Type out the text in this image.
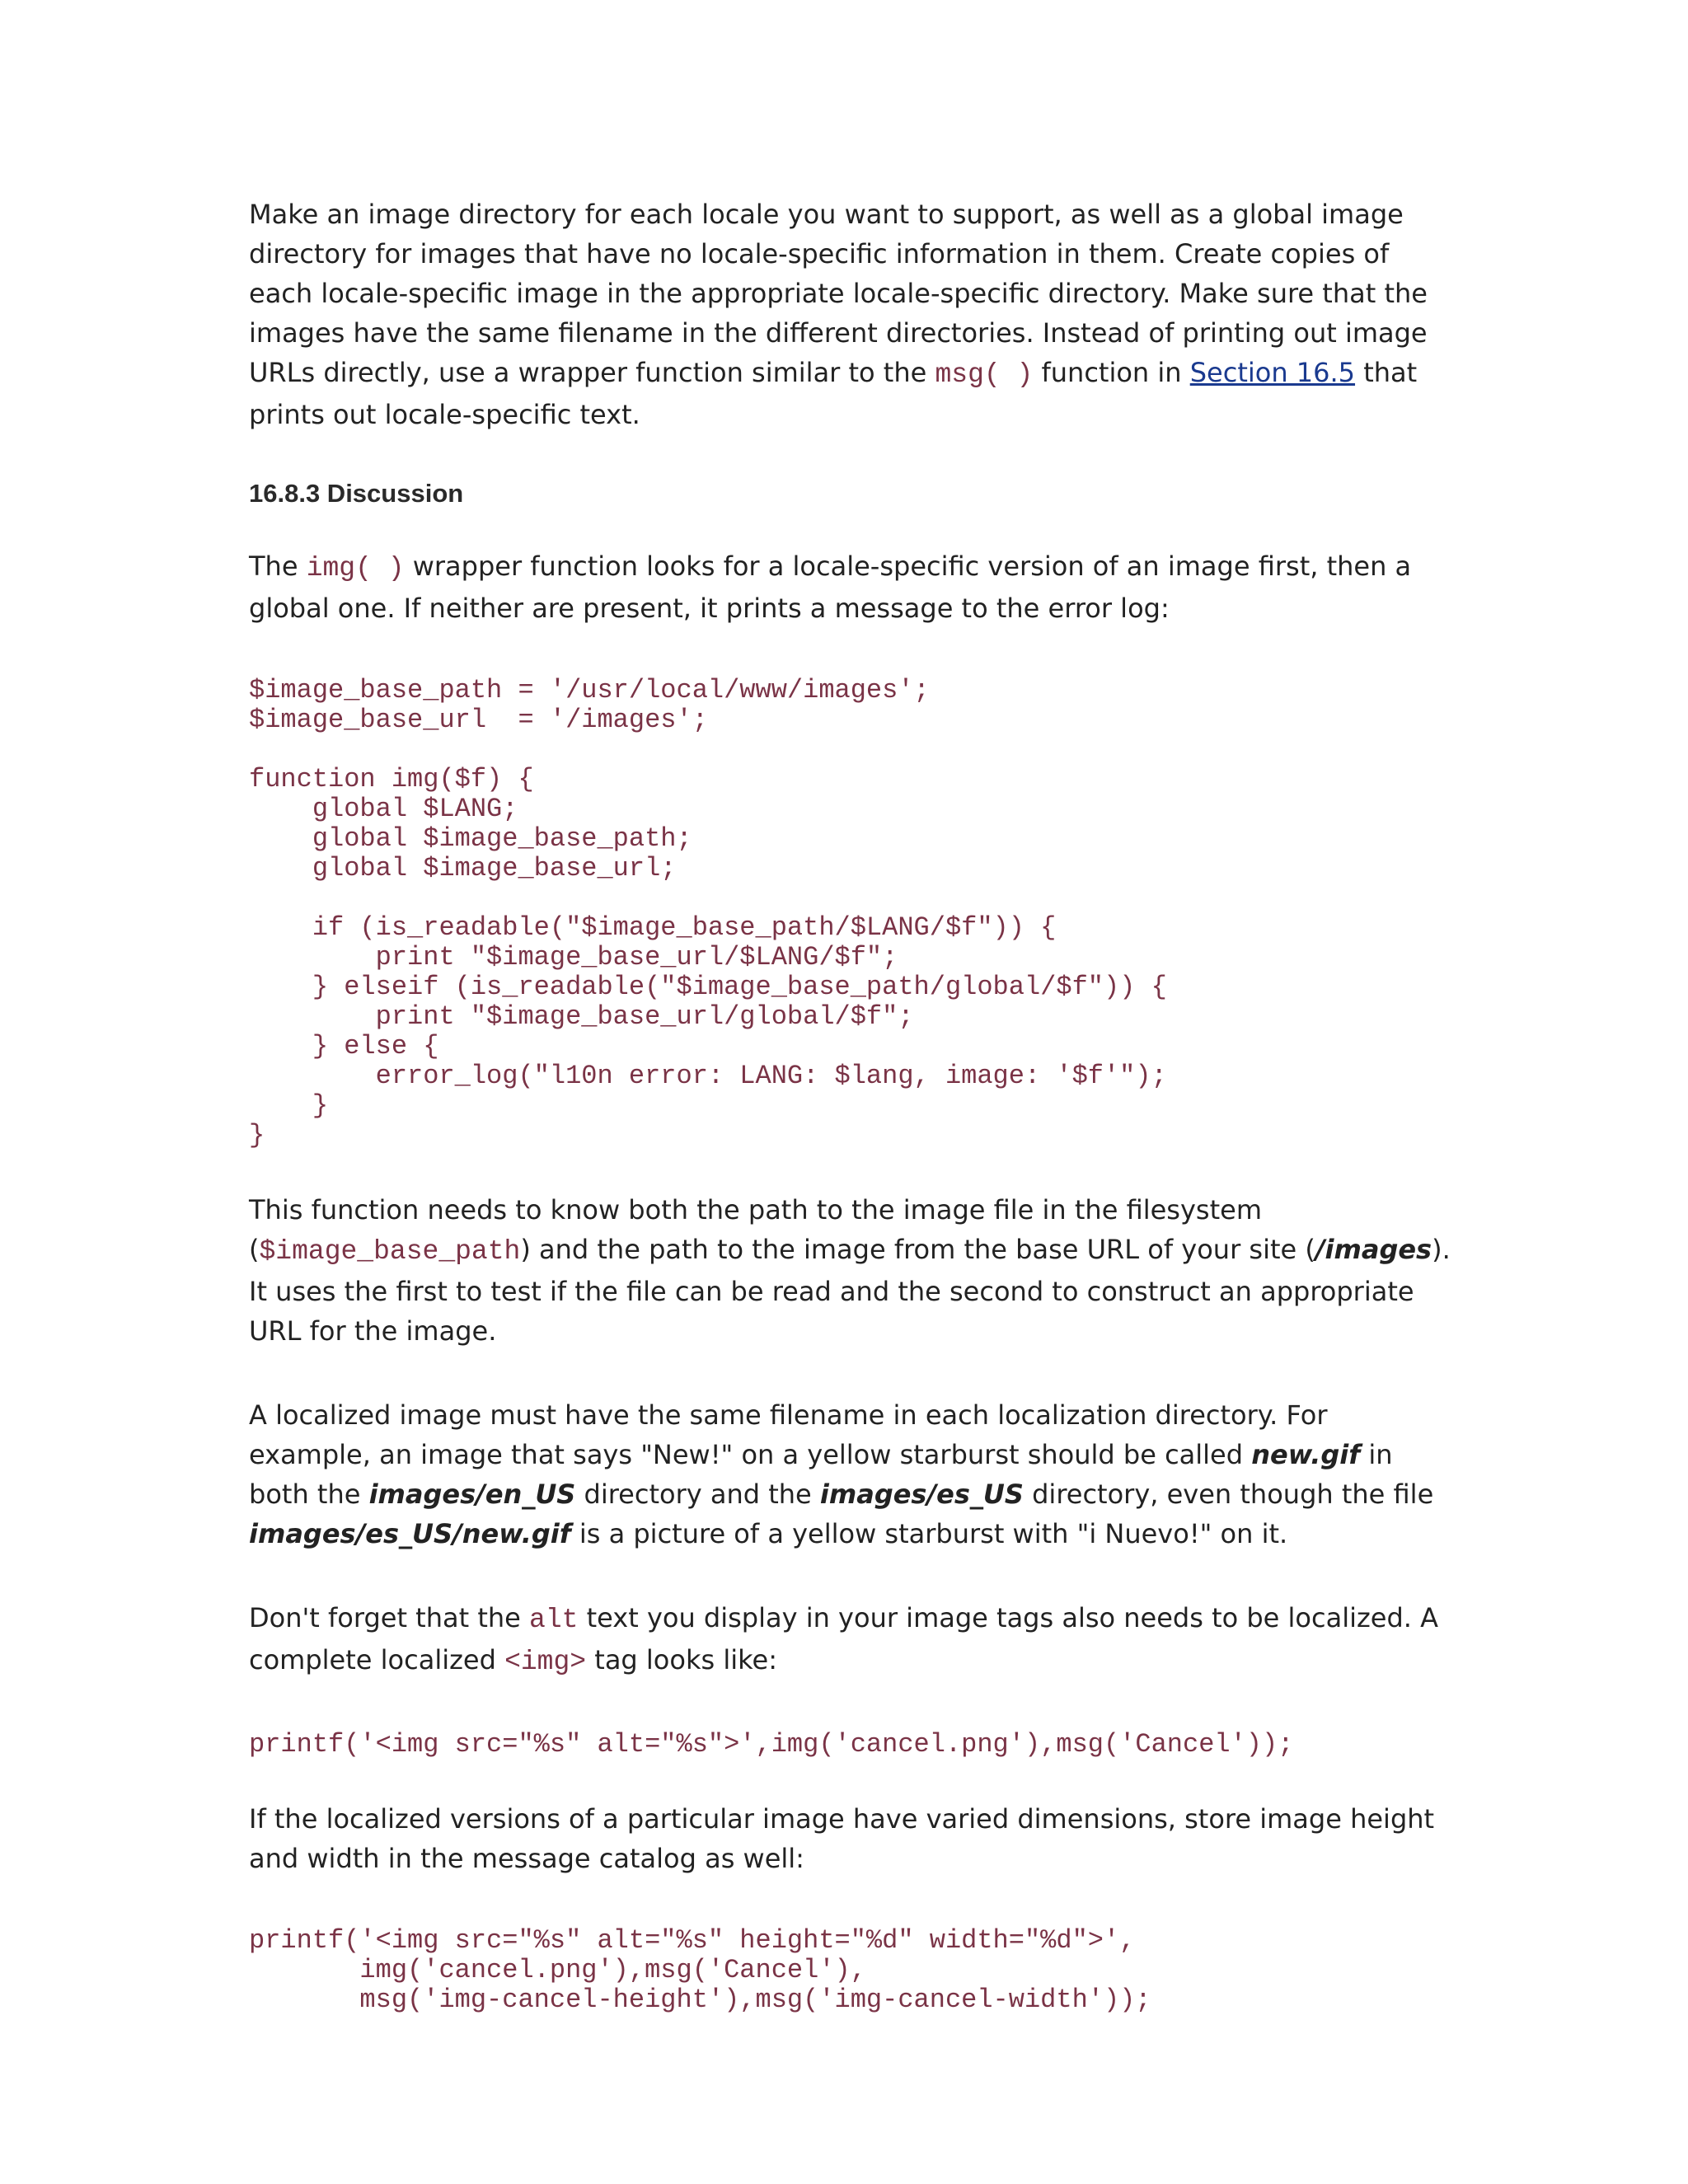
Make an image directory for each locale you want to support, as well as a global image directory for images that have no locale-specific information in them. Create copies of each locale-specific image in the appropriate locale-specific directory. Make sure that the images have the same filename in the different directories. Instead of printing out image URLs directly, use a wrapper function similar to the msg( ) function in Section 16.5 that prints out locale-specific text.

16.8.3 Discussion

The img( ) wrapper function looks for a locale-specific version of an image first, then a global one. If neither are present, it prints a message to the error log:

$image_base_path = '/usr/local/www/images';
$image_base_url  = '/images';

function img($f) {
global $LANG;
global $image_base_path;
global $image_base_url;

if (is_readable("$image_base_path/$LANG/$f")) {
print "$image_base_url/$LANG/$f";
} elseif (is_readable("$image_base_path/global/$f")) {
print "$image_base_url/global/$f";
} else {
error_log("l10n error: LANG: $lang, image: '$f'");
}
}

This function needs to know both the path to the image file in the filesystem ($image_base_path) and the path to the image from the base URL of your site (/images). It uses the first to test if the file can be read and the second to construct an appropriate URL for the image.

A localized image must have the same filename in each localization directory. For example, an image that says "New!" on a yellow starburst should be called new.gif in both the images/en_US directory and the images/es_US directory, even though the file images/es_US/new.gif is a picture of a yellow starburst with "i Nuevo!" on it.

Don't forget that the alt text you display in your image tags also needs to be localized. A complete localized <img> tag looks like:

printf('<img src="%s" alt="%s">',img('cancel.png'),msg('Cancel'));

If the localized versions of a particular image have varied dimensions, store image height and width in the message catalog as well:

printf('<img src="%s" alt="%s" height="%d" width="%d">',
img('cancel.png'),msg('Cancel'),
msg('img-cancel-height'),msg('img-cancel-width'));
